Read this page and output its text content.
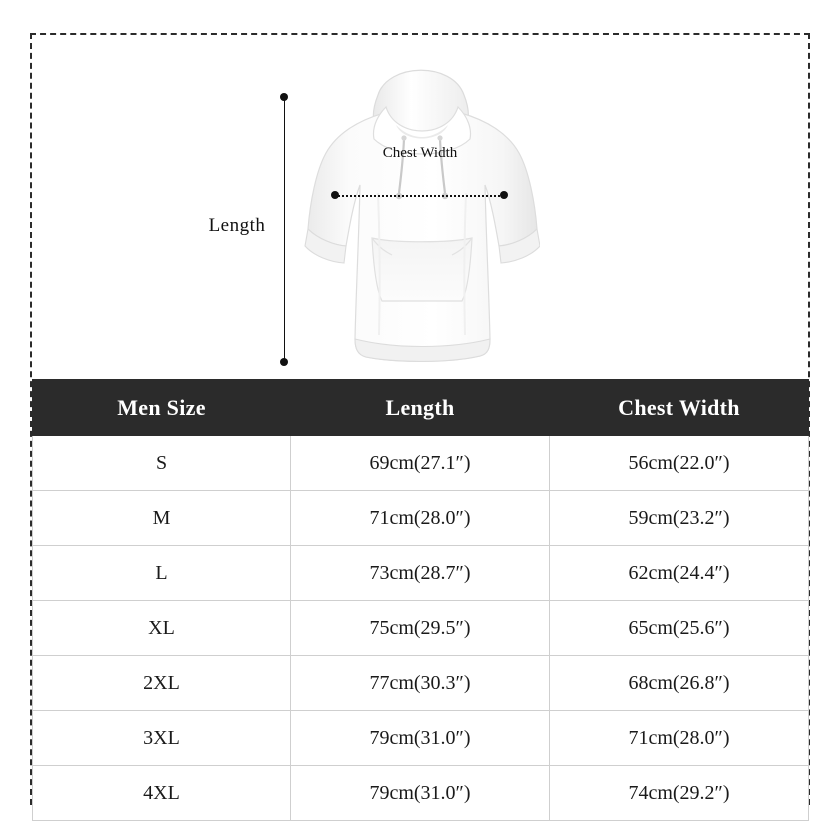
Length
Chest Width
Men Size	Length	Chest Width
S	69cm(27.1″)	56cm(22.0″)
M	71cm(28.0″)	59cm(23.2″)
L	73cm(28.7″)	62cm(24.4″)
XL	75cm(29.5″)	65cm(25.6″)
2XL	77cm(30.3″)	68cm(26.8″)
3XL	79cm(31.0″)	71cm(28.0″)
4XL	79cm(31.0″)	74cm(29.2″)
